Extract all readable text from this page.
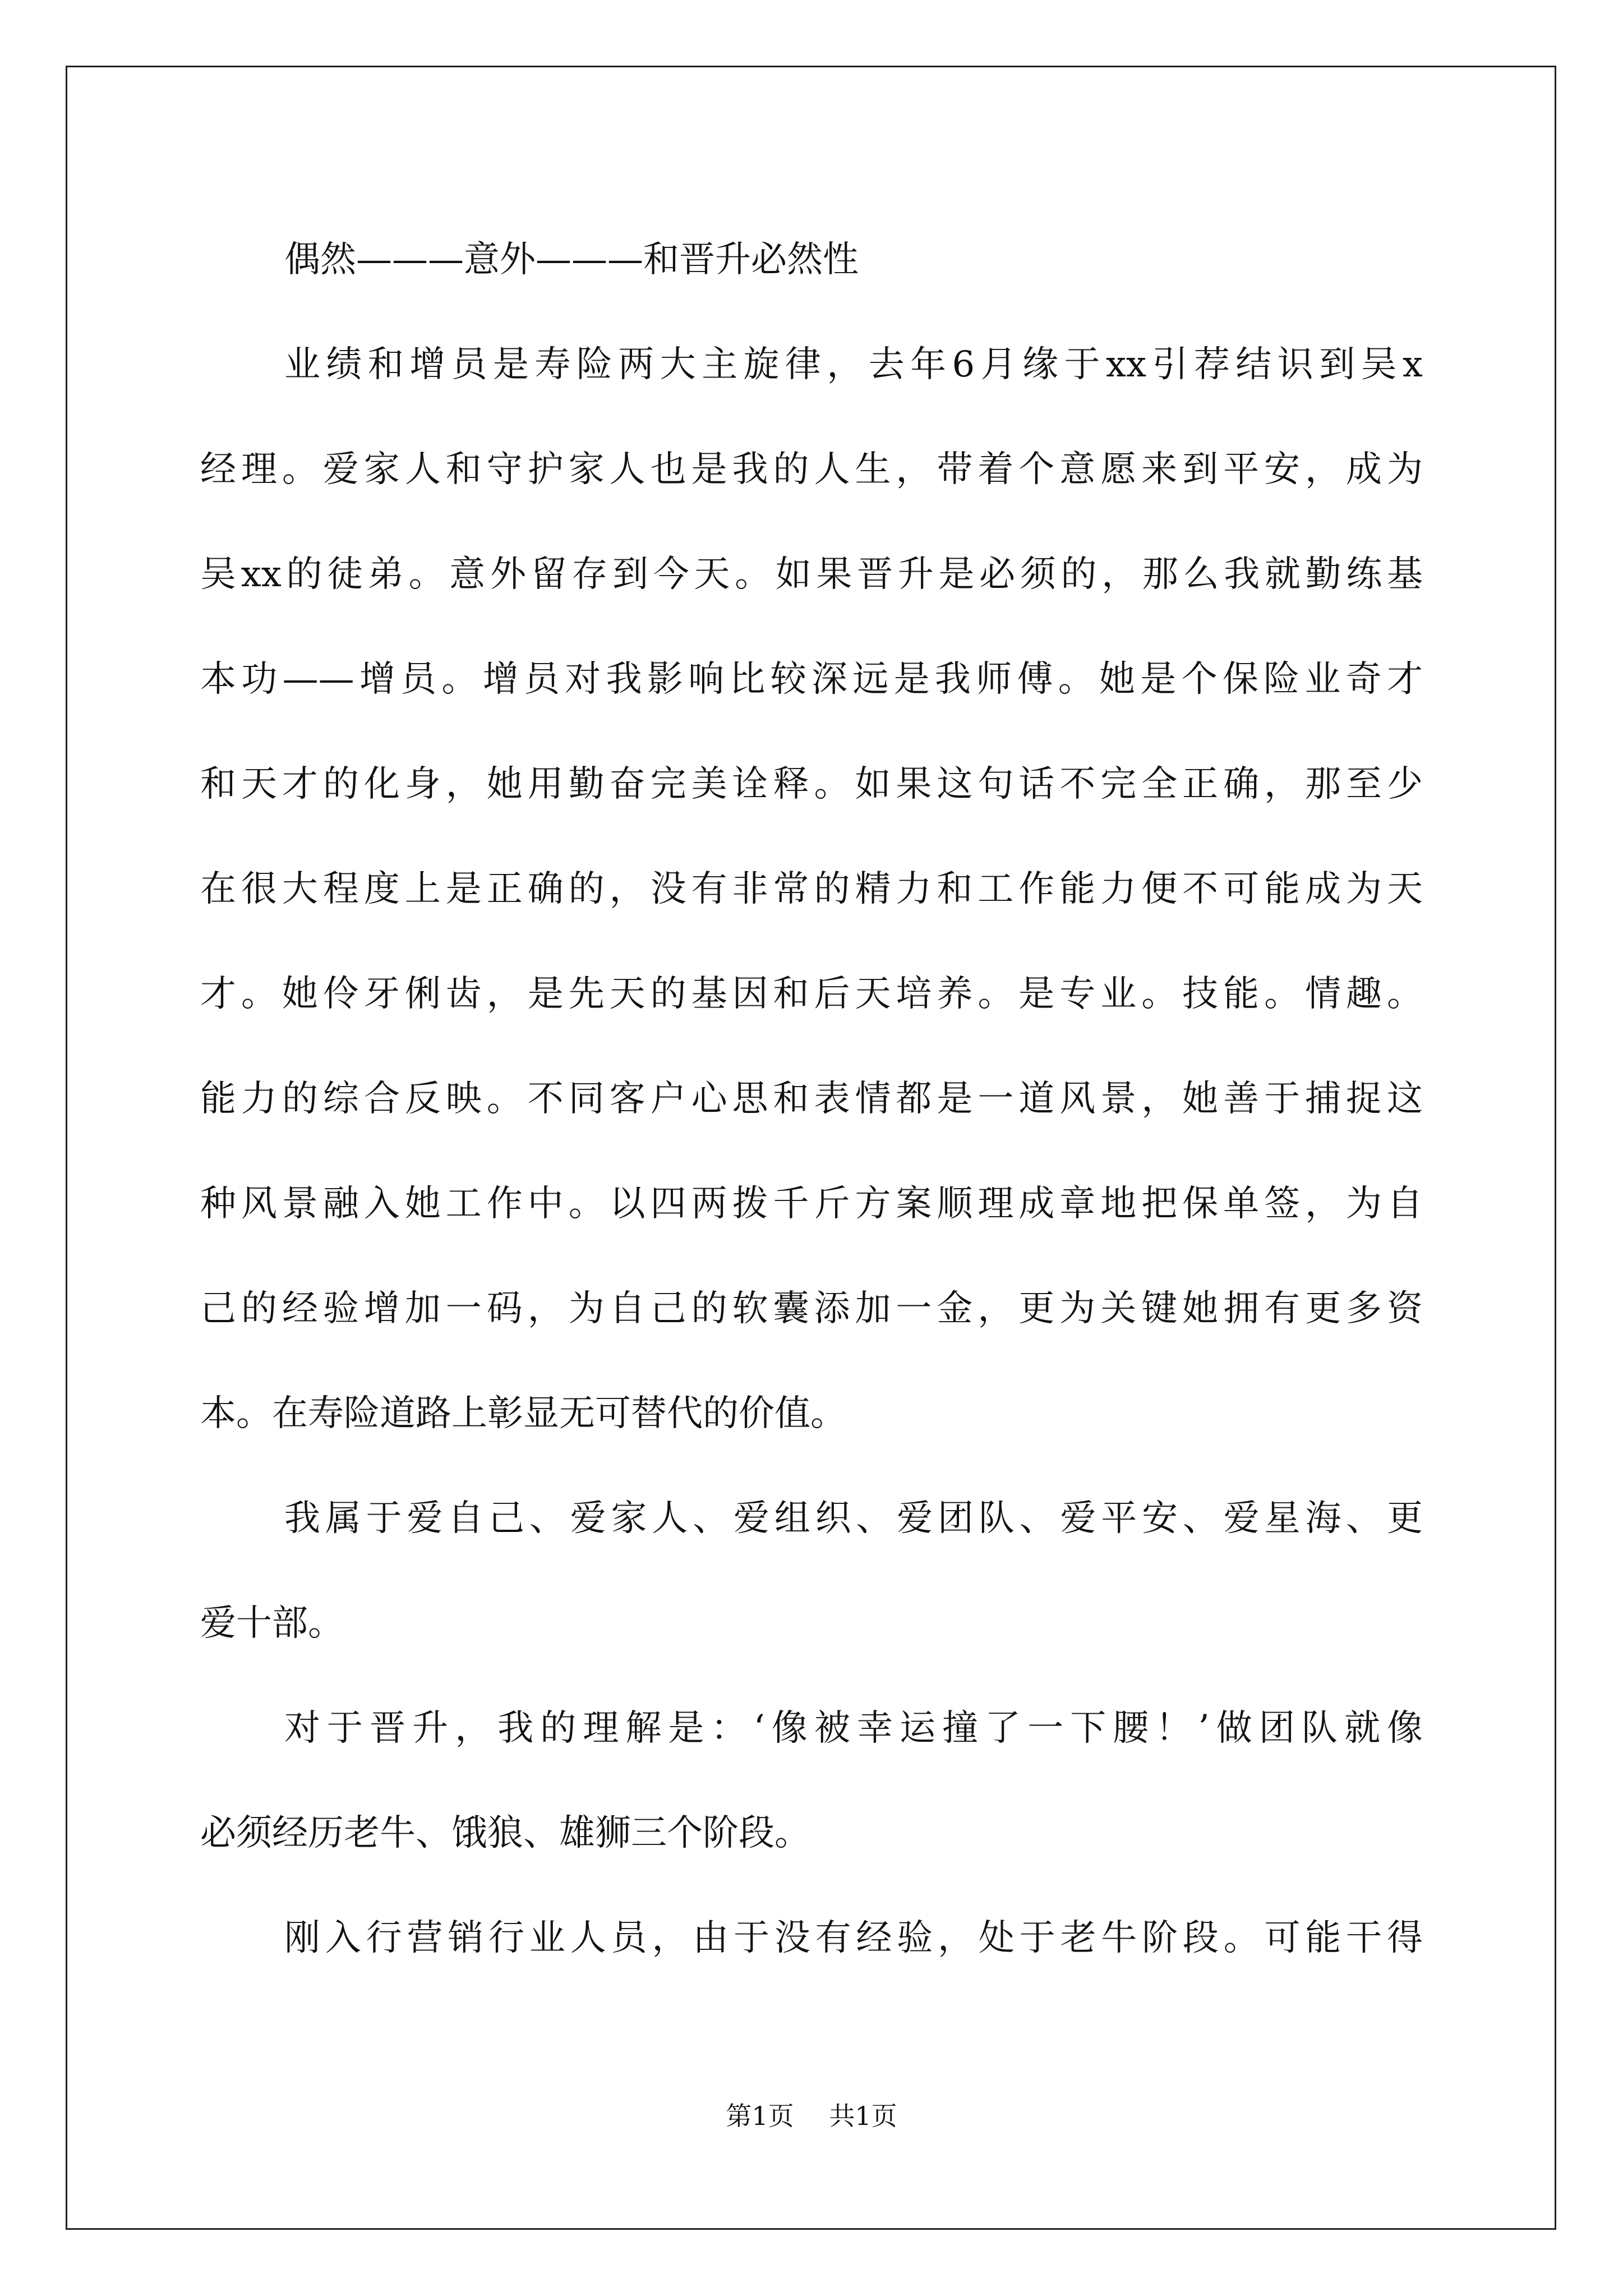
偶然———意外———和晋升必然性
业绩和增员是寿险两大主旋律，去年6月缘于xx引荐结识到吴x
经理。爱家人和守护家人也是我的人生，带着个意愿来到平安，成为
吴xx的徒弟。意外留存到今天。如果晋升是必须的，那么我就勤练基
本功——增员。增员对我影响比较深远是我师傅。她是个保险业奇才
和天才的化身，她用勤奋完美诠释。如果这句话不完全正确，那至少
在很大程度上是正确的，没有非常的精力和工作能力便不可能成为天
才。她伶牙俐齿，是先天的基因和后天培养。是专业。技能。情趣。
能力的综合反映。不同客户心思和表情都是一道风景，她善于捕捉这
种风景融入她工作中。以四两拨千斤方案顺理成章地把保单签，为自
己的经验增加一码，为自己的软囊添加一金，更为关键她拥有更多资
本。在寿险道路上彰显无可替代的价值。
我属于爱自己、爱家人、爱组织、爱团队、爱平安、爱星海、更
爱十部。
对于晋升，我的理解是：‘像被幸运撞了一下腰！’做团队就像
必须经历老牛、饿狼、雄狮三个阶段。
刚入行营销行业人员，由于没有经验，处于老牛阶段。可能干得
第1页 共1页
